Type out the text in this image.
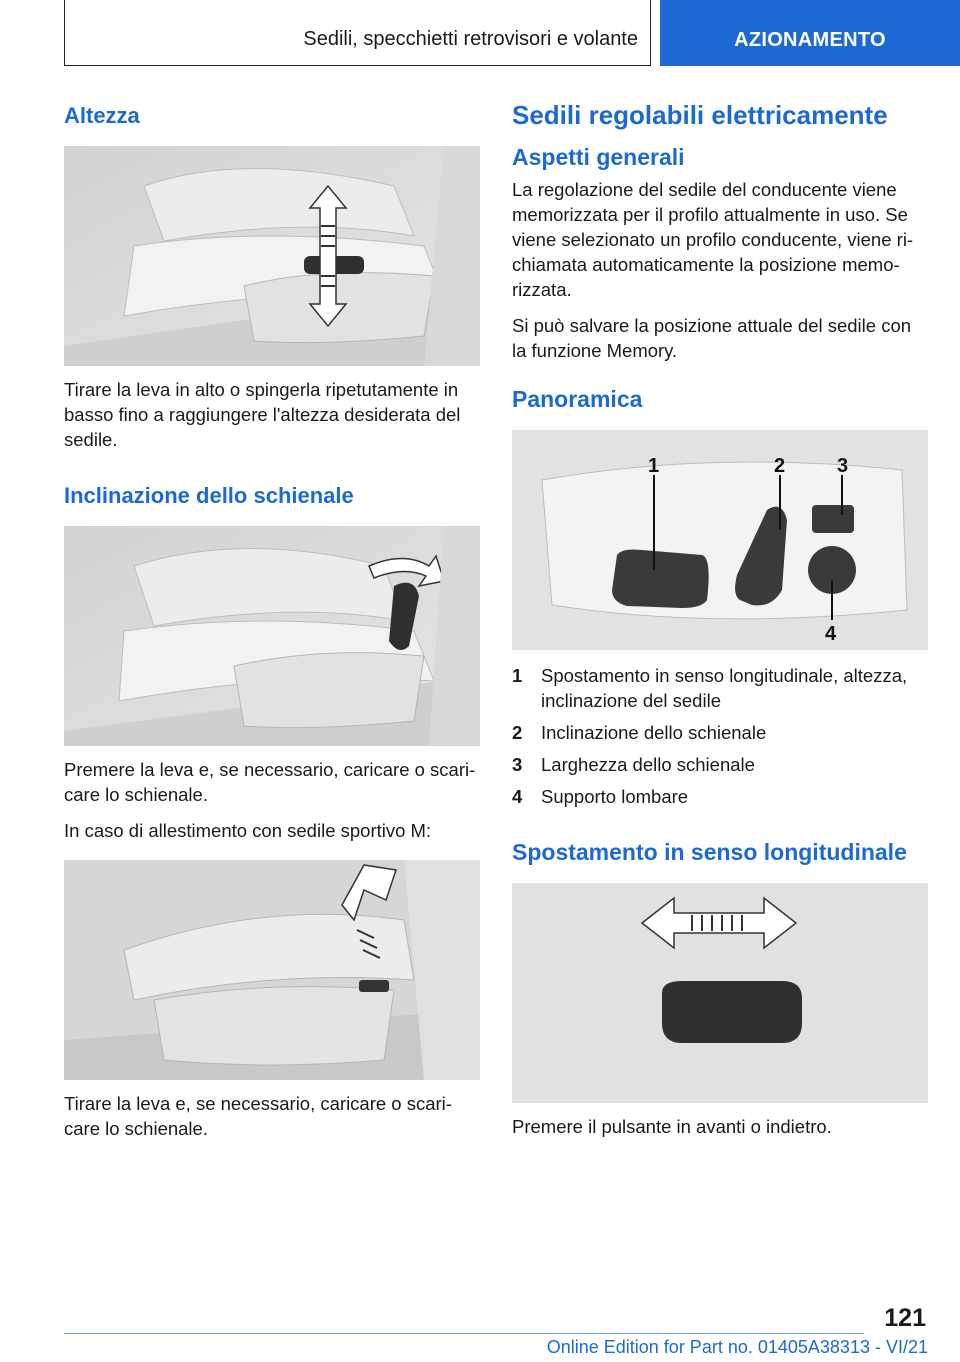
Sedili, specchietti retrovisori e volante	AZIONAMENTO
Altezza

Tirare la leva in alto o spingerla ripetutamente in basso fino a raggiungere l'altezza desiderata del sedile.

Inclinazione dello schienale

Premere la leva e, se necessario, caricare o scari-care lo schienale.

In caso di allestimento con sedile sportivo M:

Tirare la leva e, se necessario, caricare o scari-care lo schienale.

Sedili regolabili elettricamente
Aspetti generali

La regolazione del sedile del conducente viene memorizzata per il profilo attualmente in uso. Se viene selezionato un profilo conducente, viene ri-chiamata automaticamente la posizione memo-rizzata.

Si può salvare la posizione attuale del sedile con la funzione Memory.

Panoramica
1	2	3
4
1	Spostamento in senso longitudinale, altezza, inclinazione del sedile
2	Inclinazione dello schienale
3	Larghezza dello schienale
4	Supporto lombare
Spostamento in senso longitudinale

Premere il pulsante in avanti o indietro.

121
Online Edition for Part no. 01405A38313 - VI/21
